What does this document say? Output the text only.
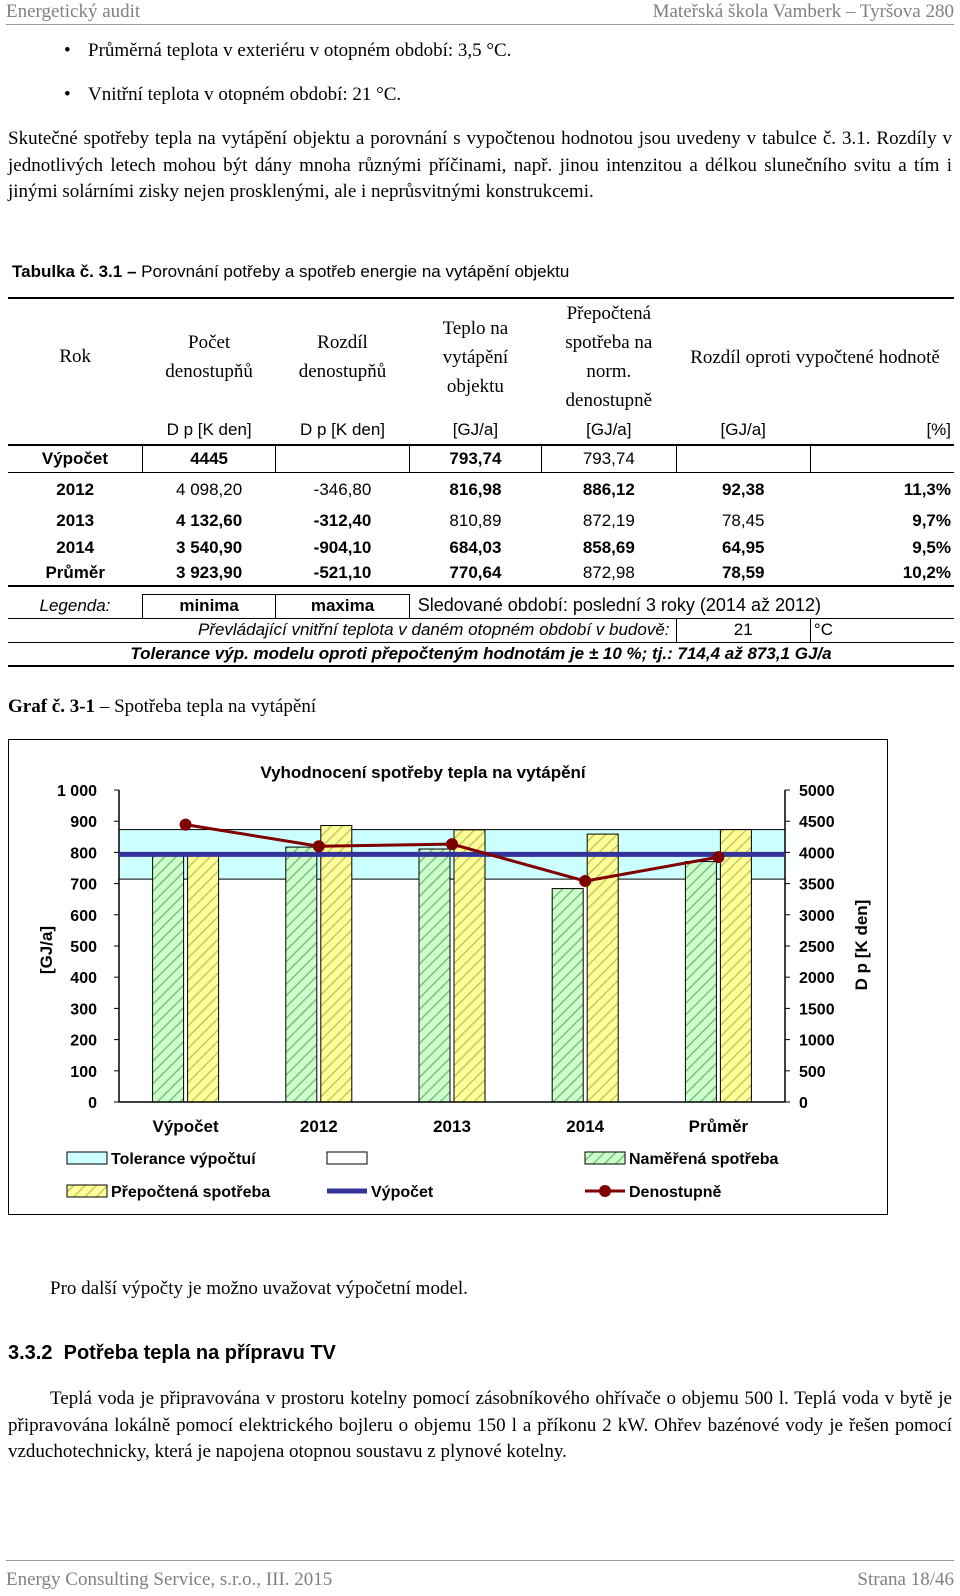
Energetický audit	Mateřská škola Vamberk – Tyršova 280
• Průměrná teplota v exteriéru v otopném období: 3,5 °C.
• Vnitřní teplota v otopném období: 21 °C.
Skutečné spotřeby tepla na vytápění objektu a porovnání s vypočtenou hodnotou jsou uvedeny v tabulce č. 3.1. Rozdíly v jednotlivých letech mohou být dány mnoha různými příčinami, např. jinou intenzitou a délkou slunečního svitu a tím i jinými solárními zisky nejen prosklenými, ale i neprůsvitnými konstrukcemi.
Tabulka č. 3.1 – Porovnání potřeby a spotřeb energie na vytápění objektu
Rok	Počet denostupňů	Rozdíl denostupňů	Teplo na vytápění objektu	Přepočtená spotřeba na norm. denostupně	Rozdíl oproti vypočtené hodnotě	
	D p [K den]	D p [K den]	[GJ/a]	[GJ/a]	[GJ/a]	[%]
Výpočet	4445		793,74	793,74		
2012	4 098,20	-346,80	816,98	886,12	92,38	11,3%
2013	4 132,60	-312,40	810,89	872,19	78,45	9,7%
2014	3 540,90	-904,10	684,03	858,69	64,95	9,5%
Průměr	3 923,90	-521,10	770,64	872,98	78,59	10,2%

Legenda:	minima	maxima	Sledované období: poslední 3 roky (2014 až 2012)			
Převládající vnitřní teplota v daném otopném období v budově:					21	°C
Tolerance výp. modelu oproti přepočteným hodnotám je ± 10 %; tj.: 714,4 až 873,1 GJ/a						
Graf č. 3-1 – Spotřeba tepla na vytápění
Vyhodnocení spotřeby tepla na vytápění
[GJ/a]	D p [K den]
1 000
900
800
700
600
500
400
300
200
100
0
5000
4500
4000
3500
3000
2500
2000
1500
1000
500
0
Výpočet	2012	2013	2014	Průměr
Tolerance výpočtuí	Naměřená spotřeba
Přepočtená spotřeba	Výpočet	Denostupně
Pro další výpočty je možno uvažovat výpočetní model.
3.3.2 Potřeba tepla na přípravu TV
Teplá voda je připravována v prostoru kotelny pomocí zásobníkového ohřívače o objemu 500 l. Teplá voda v bytě je připravována lokálně pomocí elektrického bojleru o objemu 150 l a příkonu 2 kW. Ohřev bazénové vody je řešen pomocí vzduchotechnicky, která je napojena otopnou soustavu z plynové kotelny.
Energy Consulting Service, s.r.o., III. 2015	Strana 18/46
